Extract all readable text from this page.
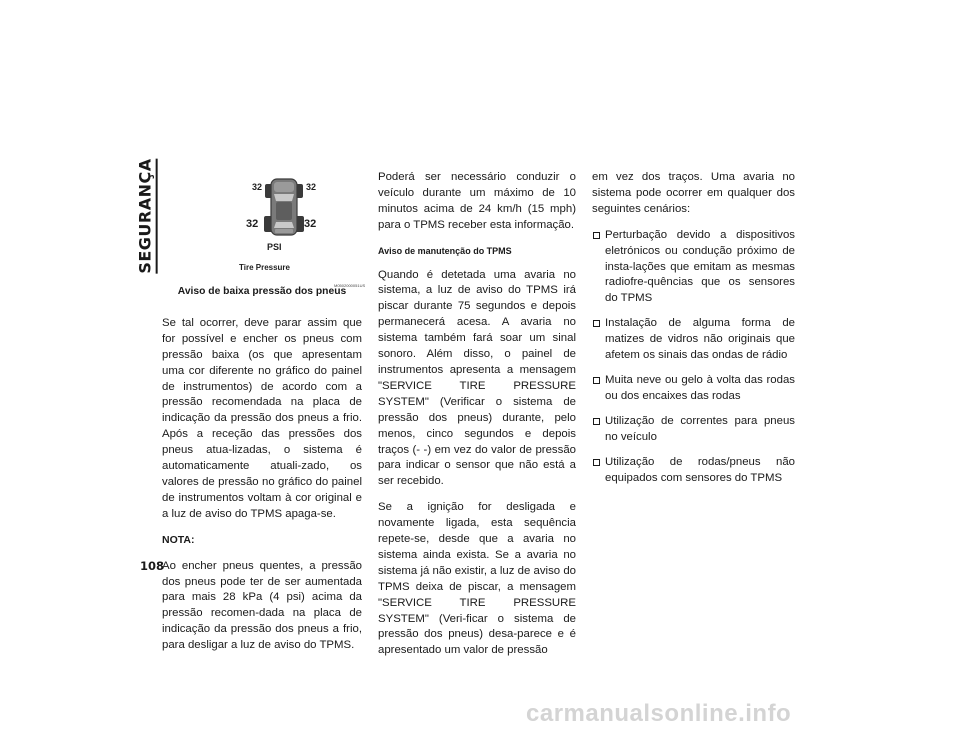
SEGURANÇA
108
32	32
32	32
PSI
Tire Pressure
M0502000051US
Aviso de baixa pressão dos pneus

Se tal ocorrer, deve parar assim que for possível e encher os pneus com pressão baixa (os que apresentam uma cor diferente no gráfico do painel de instrumentos) de acordo com a pressão recomendada na placa de indicação da pressão dos pneus a frio. Após a receção das pressões dos pneus atua-lizadas, o sistema é automaticamente atuali-zado, os valores de pressão no gráfico do painel de instrumentos voltam à cor original e a luz de aviso do TPMS apaga-se.

NOTA:

Ao encher pneus quentes, a pressão dos pneus pode ter de ser aumentada para mais 28 kPa (4 psi) acima da pressão recomen-dada na placa de indicação da pressão dos pneus a frio, para desligar a luz de aviso do TPMS.

Poderá ser necessário conduzir o veículo durante um máximo de 10 minutos acima de 24 km/h (15 mph) para o TPMS receber esta informação.

Aviso de manutenção do TPMS

Quando é detetada uma avaria no sistema, a luz de aviso do TPMS irá piscar durante 75 segundos e depois permanecerá acesa. A avaria no sistema também fará soar um sinal sonoro. Além disso, o painel de instrumentos apresenta a mensagem "SERVICE TIRE PRESSURE SYSTEM" (Verificar o sistema de pressão dos pneus) durante, pelo menos, cinco segundos e depois traços (- -) em vez do valor de pressão para indicar o sensor que não está a ser recebido.

Se a ignição for desligada e novamente ligada, esta sequência repete-se, desde que a avaria no sistema ainda exista. Se a avaria no sistema já não existir, a luz de aviso do TPMS deixa de piscar, a mensagem "SERVICE TIRE PRESSURE SYSTEM" (Veri-ficar o sistema de pressão dos pneus) desa-parece e é apresentado um valor de pressão

em vez dos traços. Uma avaria no sistema pode ocorrer em qualquer dos seguintes cenários:

Perturbação devido a dispositivos eletrónicos ou condução próximo de insta-lações que emitam as mesmas radiofre-quências que os sensores do TPMS
Instalação de alguma forma de matizes de vidros não originais que afetem os sinais das ondas de rádio
Muita neve ou gelo à volta das rodas ou dos encaixes das rodas
Utilização de correntes para pneus no veículo
Utilização de rodas/pneus não equipados com sensores do TPMS
carmanualsonline.info
